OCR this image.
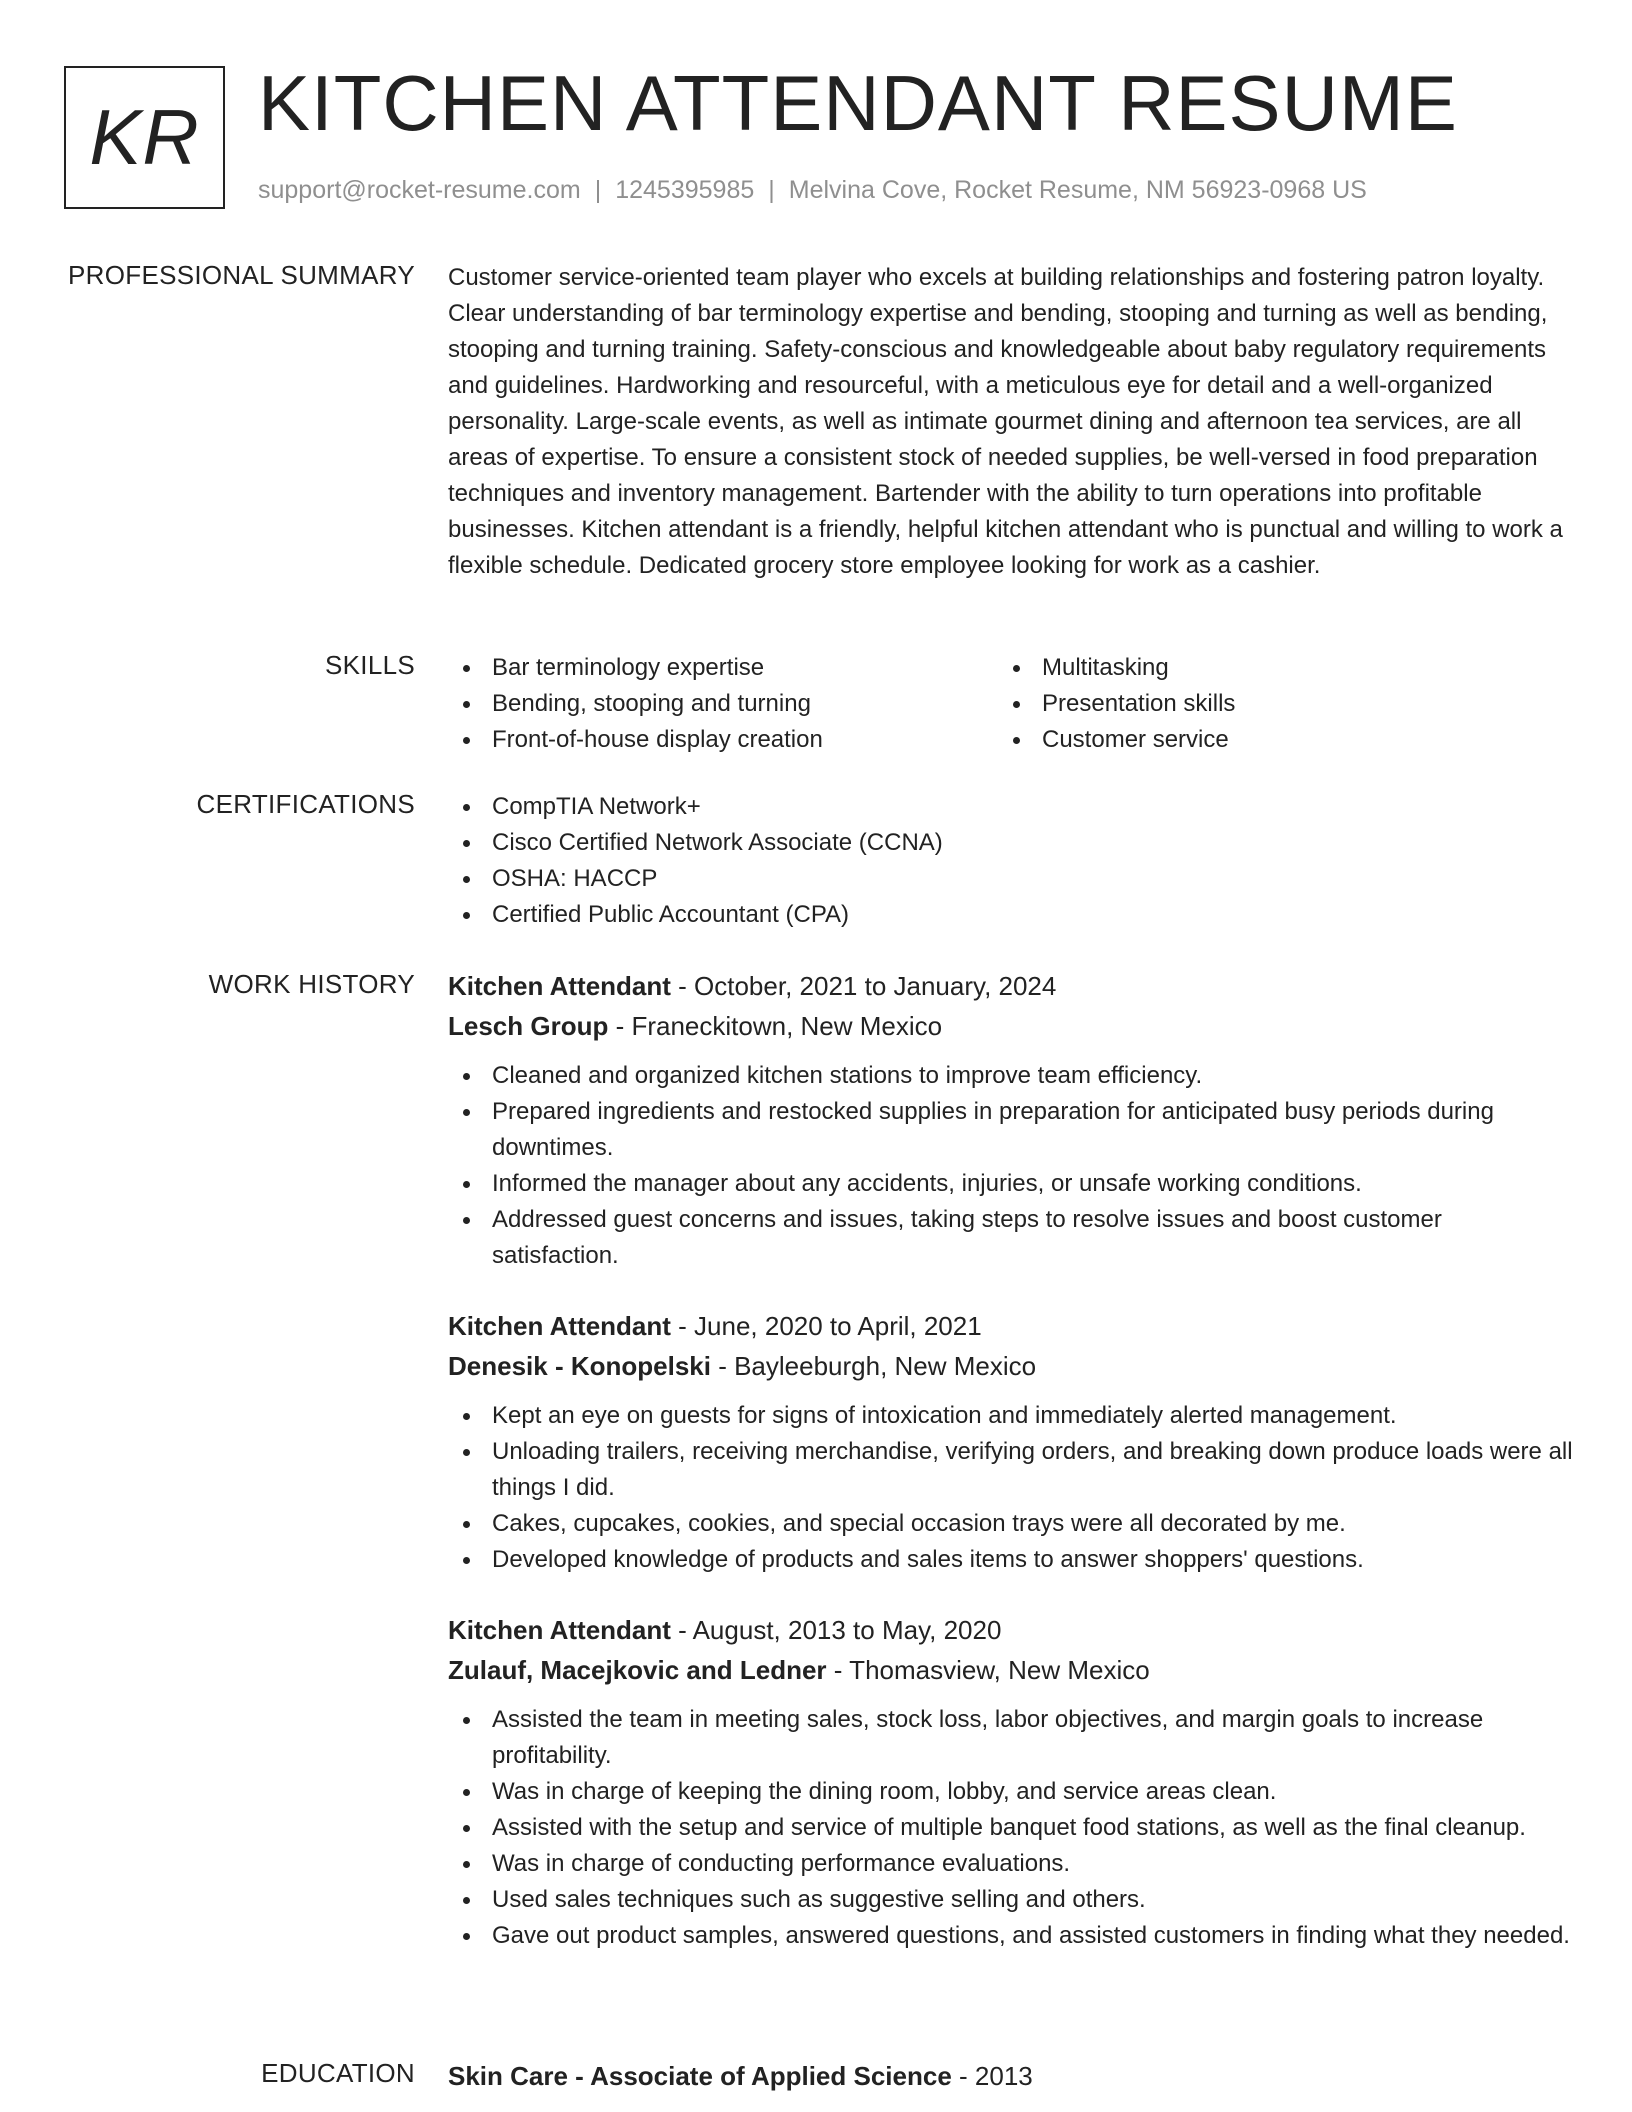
KR KITCHEN ATTENDANT RESUME
support@rocket-resume.com | 1245395985 | Melvina Cove, Rocket Resume, NM 56923-0968 US
PROFESSIONAL SUMMARY Customer service-oriented team player who excels at building relationships and fostering patron loyalty. Clear understanding of bar terminology expertise and bending, stooping and turning as well as bending, stooping and turning training. Safety-conscious and knowledgeable about baby regulatory requirements and guidelines. Hardworking and resourceful, with a meticulous eye for detail and a well-organized personality. Large-scale events, as well as intimate gourmet dining and afternoon tea services, are all areas of expertise. To ensure a consistent stock of needed supplies, be well-versed in food preparation techniques and inventory management. Bartender with the ability to turn operations into profitable businesses. Kitchen attendant is a friendly, helpful kitchen attendant who is punctual and willing to work a flexible schedule. Dedicated grocery store employee looking for work as a cashier.
SKILLS	Bar terminology expertise
Bending, stooping and turning
Front-of-house display creation
Multitasking
Presentation skills
Customer service
CERTIFICATIONS	CompTIA Network+
Cisco Certified Network Associate (CCNA)
OSHA: HACCP
Certified Public Accountant (CPA)
WORK HISTORY Kitchen Attendant - October, 2021 to January, 2024
Lesch Group - Franeckitown, New Mexico
Cleaned and organized kitchen stations to improve team efficiency.
Prepared ingredients and restocked supplies in preparation for anticipated busy periods during downtimes.
Informed the manager about any accidents, injuries, or unsafe working conditions.
Addressed guest concerns and issues, taking steps to resolve issues and boost customer satisfaction.
Kitchen Attendant - June, 2020 to April, 2021
Denesik - Konopelski - Bayleeburgh, New Mexico
Kept an eye on guests for signs of intoxication and immediately alerted management.
Unloading trailers, receiving merchandise, verifying orders, and breaking down produce loads were all things I did.
Cakes, cupcakes, cookies, and special occasion trays were all decorated by me.
Developed knowledge of products and sales items to answer shoppers' questions.
Kitchen Attendant - August, 2013 to May, 2020
Zulauf, Macejkovic and Ledner - Thomasview, New Mexico
Assisted the team in meeting sales, stock loss, labor objectives, and margin goals to increase profitability.
Was in charge of keeping the dining room, lobby, and service areas clean.
Assisted with the setup and service of multiple banquet food stations, as well as the final cleanup.
Was in charge of conducting performance evaluations.
Used sales techniques such as suggestive selling and others.
Gave out product samples, answered questions, and assisted customers in finding what they needed.
EDUCATION Skin Care - Associate of Applied Science - 2013
